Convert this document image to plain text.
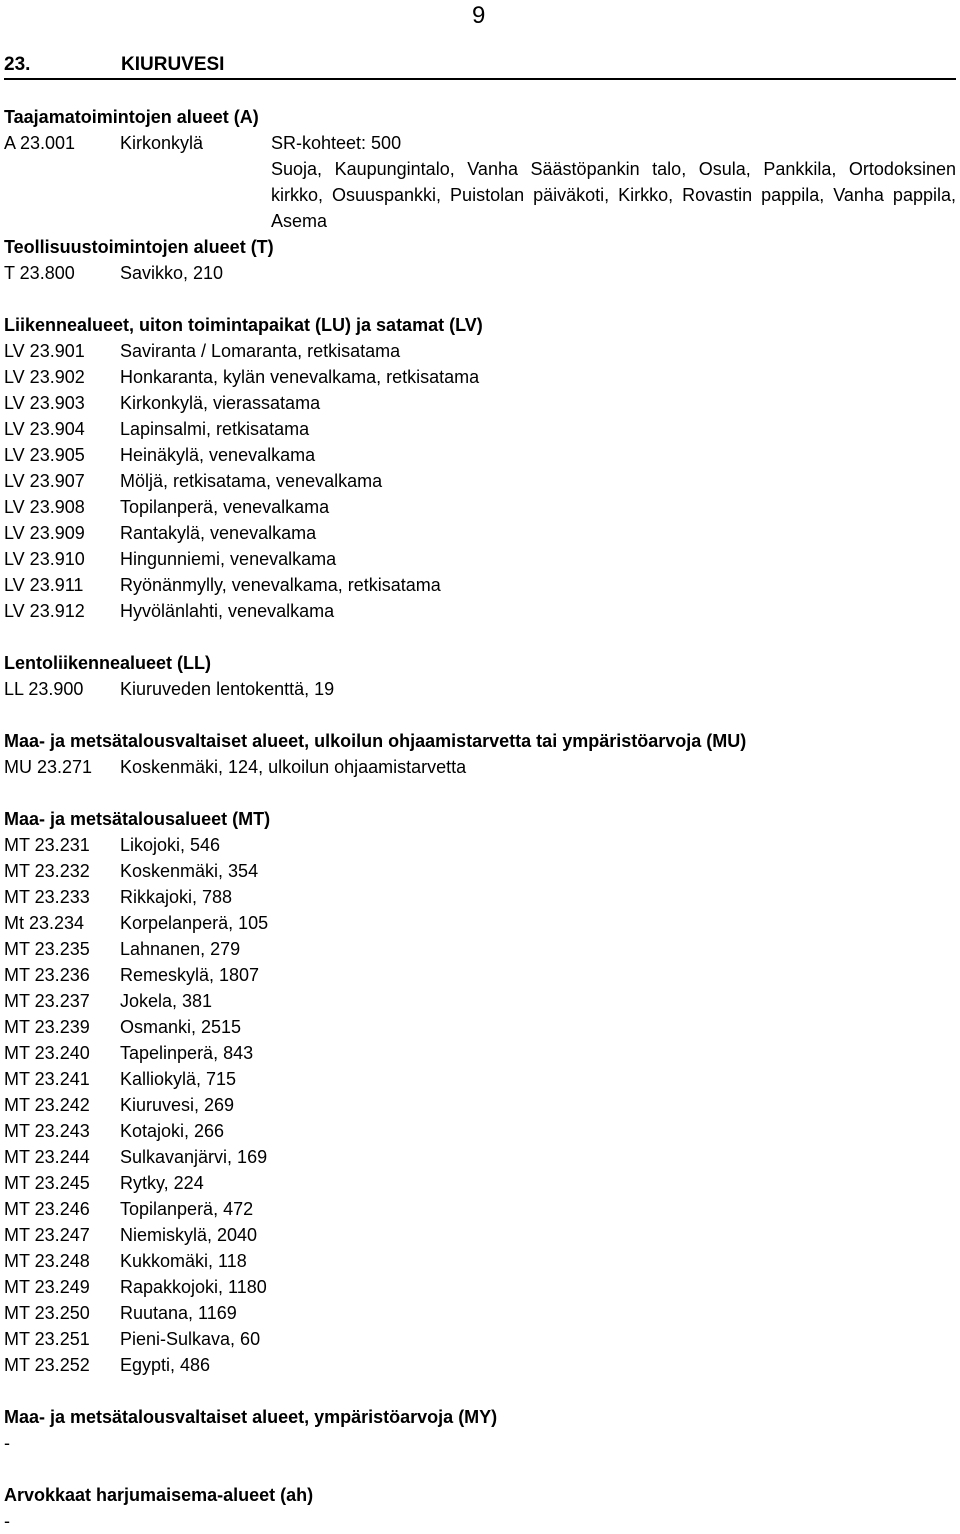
9
23.	KIURUVESI
Taajamatoimintojen alueet (A)
A 23.001 Kirkonkylä	SR-kohteet: 500
Suoja, Kaupungintalo, Vanha Säästöpankin talo, Osula, Pankkila, Ortodoksinen
kirkko, Osuuspankki, Puistolan päiväkoti, Kirkko, Rovastin pappila, Vanha pappila,
Asema
Teollisuustoimintojen alueet (T)
T 23.800	Savikko, 210
Liikennealueet, uiton toimintapaikat (LU) ja satamat (LV)
LV 23.901 Saviranta / Lomaranta, retkisatama
LV 23.902 Honkaranta, kylän venevalkama, retkisatama
LV 23.903 Kirkonkylä, vierassatama
LV 23.904 Lapinsalmi, retkisatama
LV 23.905 Heinäkylä, venevalkama
LV 23.907 Möljä, retkisatama, venevalkama
LV 23.908 Topilanperä, venevalkama
LV 23.909 Rantakylä, venevalkama
LV 23.910 Hingunniemi, venevalkama
LV 23.911 Ryönänmylly, venevalkama, retkisatama
LV 23.912 Hyvölänlahti, venevalkama
Lentoliikennealueet (LL)
LL 23.900 Kiuruveden lentokenttä, 19
Maa- ja metsätalousvaltaiset alueet, ulkoilun ohjaamistarvetta tai ympäristöarvoja (MU)
MU 23.271 Koskenmäki, 124, ulkoilun ohjaamistarvetta
Maa- ja metsätalousalueet (MT)
MT 23.231 Likojoki, 546
MT 23.232 Koskenmäki, 354
MT 23.233 Rikkajoki, 788
Mt 23.234 Korpelanperä, 105
MT 23.235 Lahnanen, 279
MT 23.236 Remeskylä, 1807
MT 23.237 Jokela, 381
MT 23.239 Osmanki, 2515
MT 23.240 Tapelinperä, 843
MT 23.241 Kalliokylä, 715
MT 23.242 Kiuruvesi, 269
MT 23.243 Kotajoki, 266
MT 23.244 Sulkavanjärvi, 169
MT 23.245 Rytky, 224
MT 23.246 Topilanperä, 472
MT 23.247 Niemiskylä, 2040
MT 23.248 Kukkomäki, 118
MT 23.249 Rapakkojoki, 1180
MT 23.250 Ruutana, 1169
MT 23.251 Pieni-Sulkava, 60
MT 23.252 Egypti, 486
Maa- ja metsätalousvaltaiset alueet, ympäristöarvoja (MY)
-
Arvokkaat harjumaisema-alueet (ah)
-
